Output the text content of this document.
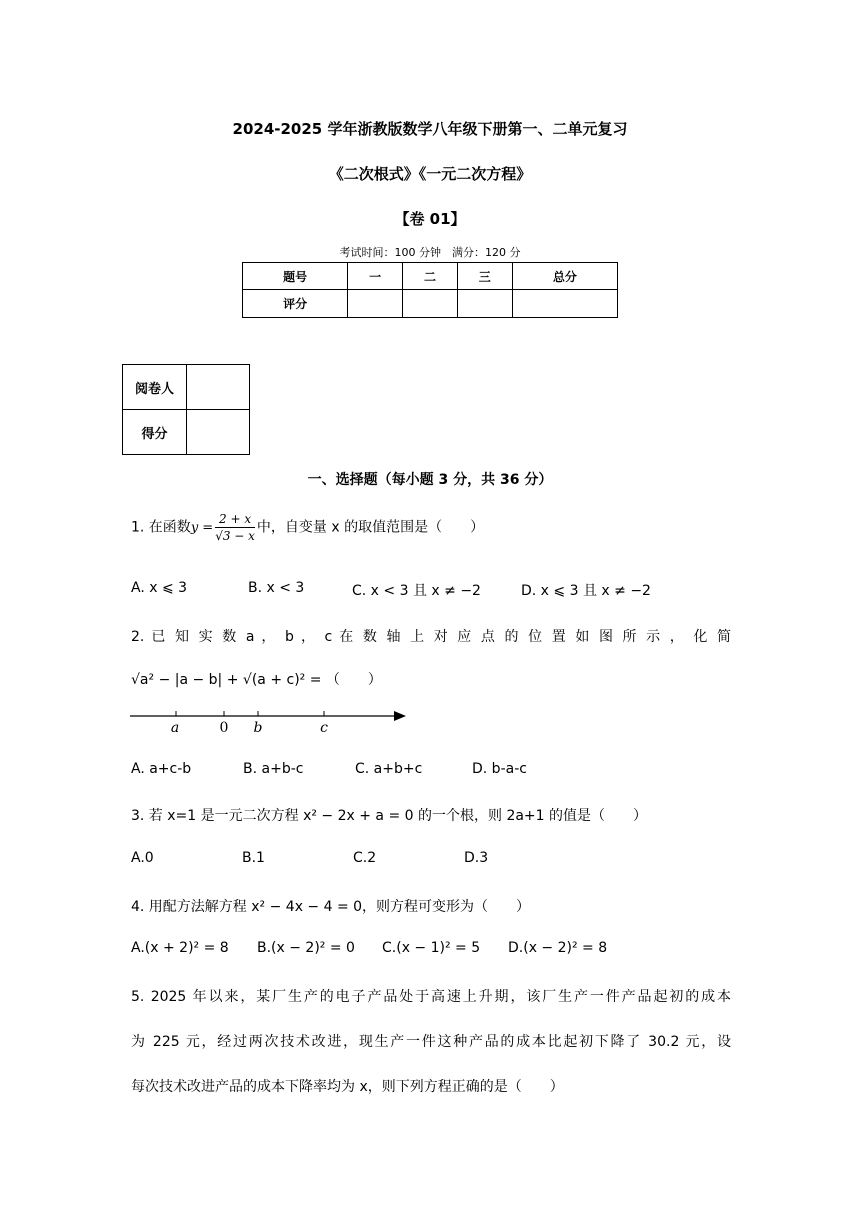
2024-2025 学年浙教版数学八年级下册第一、二单元复习
《二次根式》《一元二次方程》
【卷 01】
考试时间：100 分钟　满分：120 分
题号	一	二	三	总分
评分				
阅卷人	
得分	
一、选择题（每小题 3 分，共 36 分）
1. 在函数$y = \frac{2 + x}{√3 - x}$ 中，自变量 x 的取值范围是（　　）
A. x ⩽ 3	B. x < 3	C. x < 3 且 x ≠ −2	D. x ⩽ 3 且 x ≠ −2
2. 已 知 实 数 a ， b ， c 在 数 轴 上 对 应 点 的 位 置 如 图 所 示 ， 化 简
√a² − |a − b| + √(a + c)² = （　　）
a	0 b	c
A. a+c-b	B. a+b-c	C. a+b+c	D. b-a-c
3. 若 x=1 是一元二次方程 x² − 2x + a = 0 的一个根，则 2a+1 的值是（　　）
A.0	B.1	C.2	D.3
4. 用配方法解方程 x² − 4x − 4 = 0，则方程可变形为（　　）
A.(x + 2)² = 8 B.(x − 2)² = 0 C.(x − 1)² = 5 D.(x − 2)² = 8
5. 2025 年以来，某厂生产的电子产品处于高速上升期，该厂生产一件产品起初的成本
为 225 元，经过两次技术改进，现生产一件这种产品的成本比起初下降了 30.2 元，设
每次技术改进产品的成本下降率均为 x，则下列方程正确的是（　　）
